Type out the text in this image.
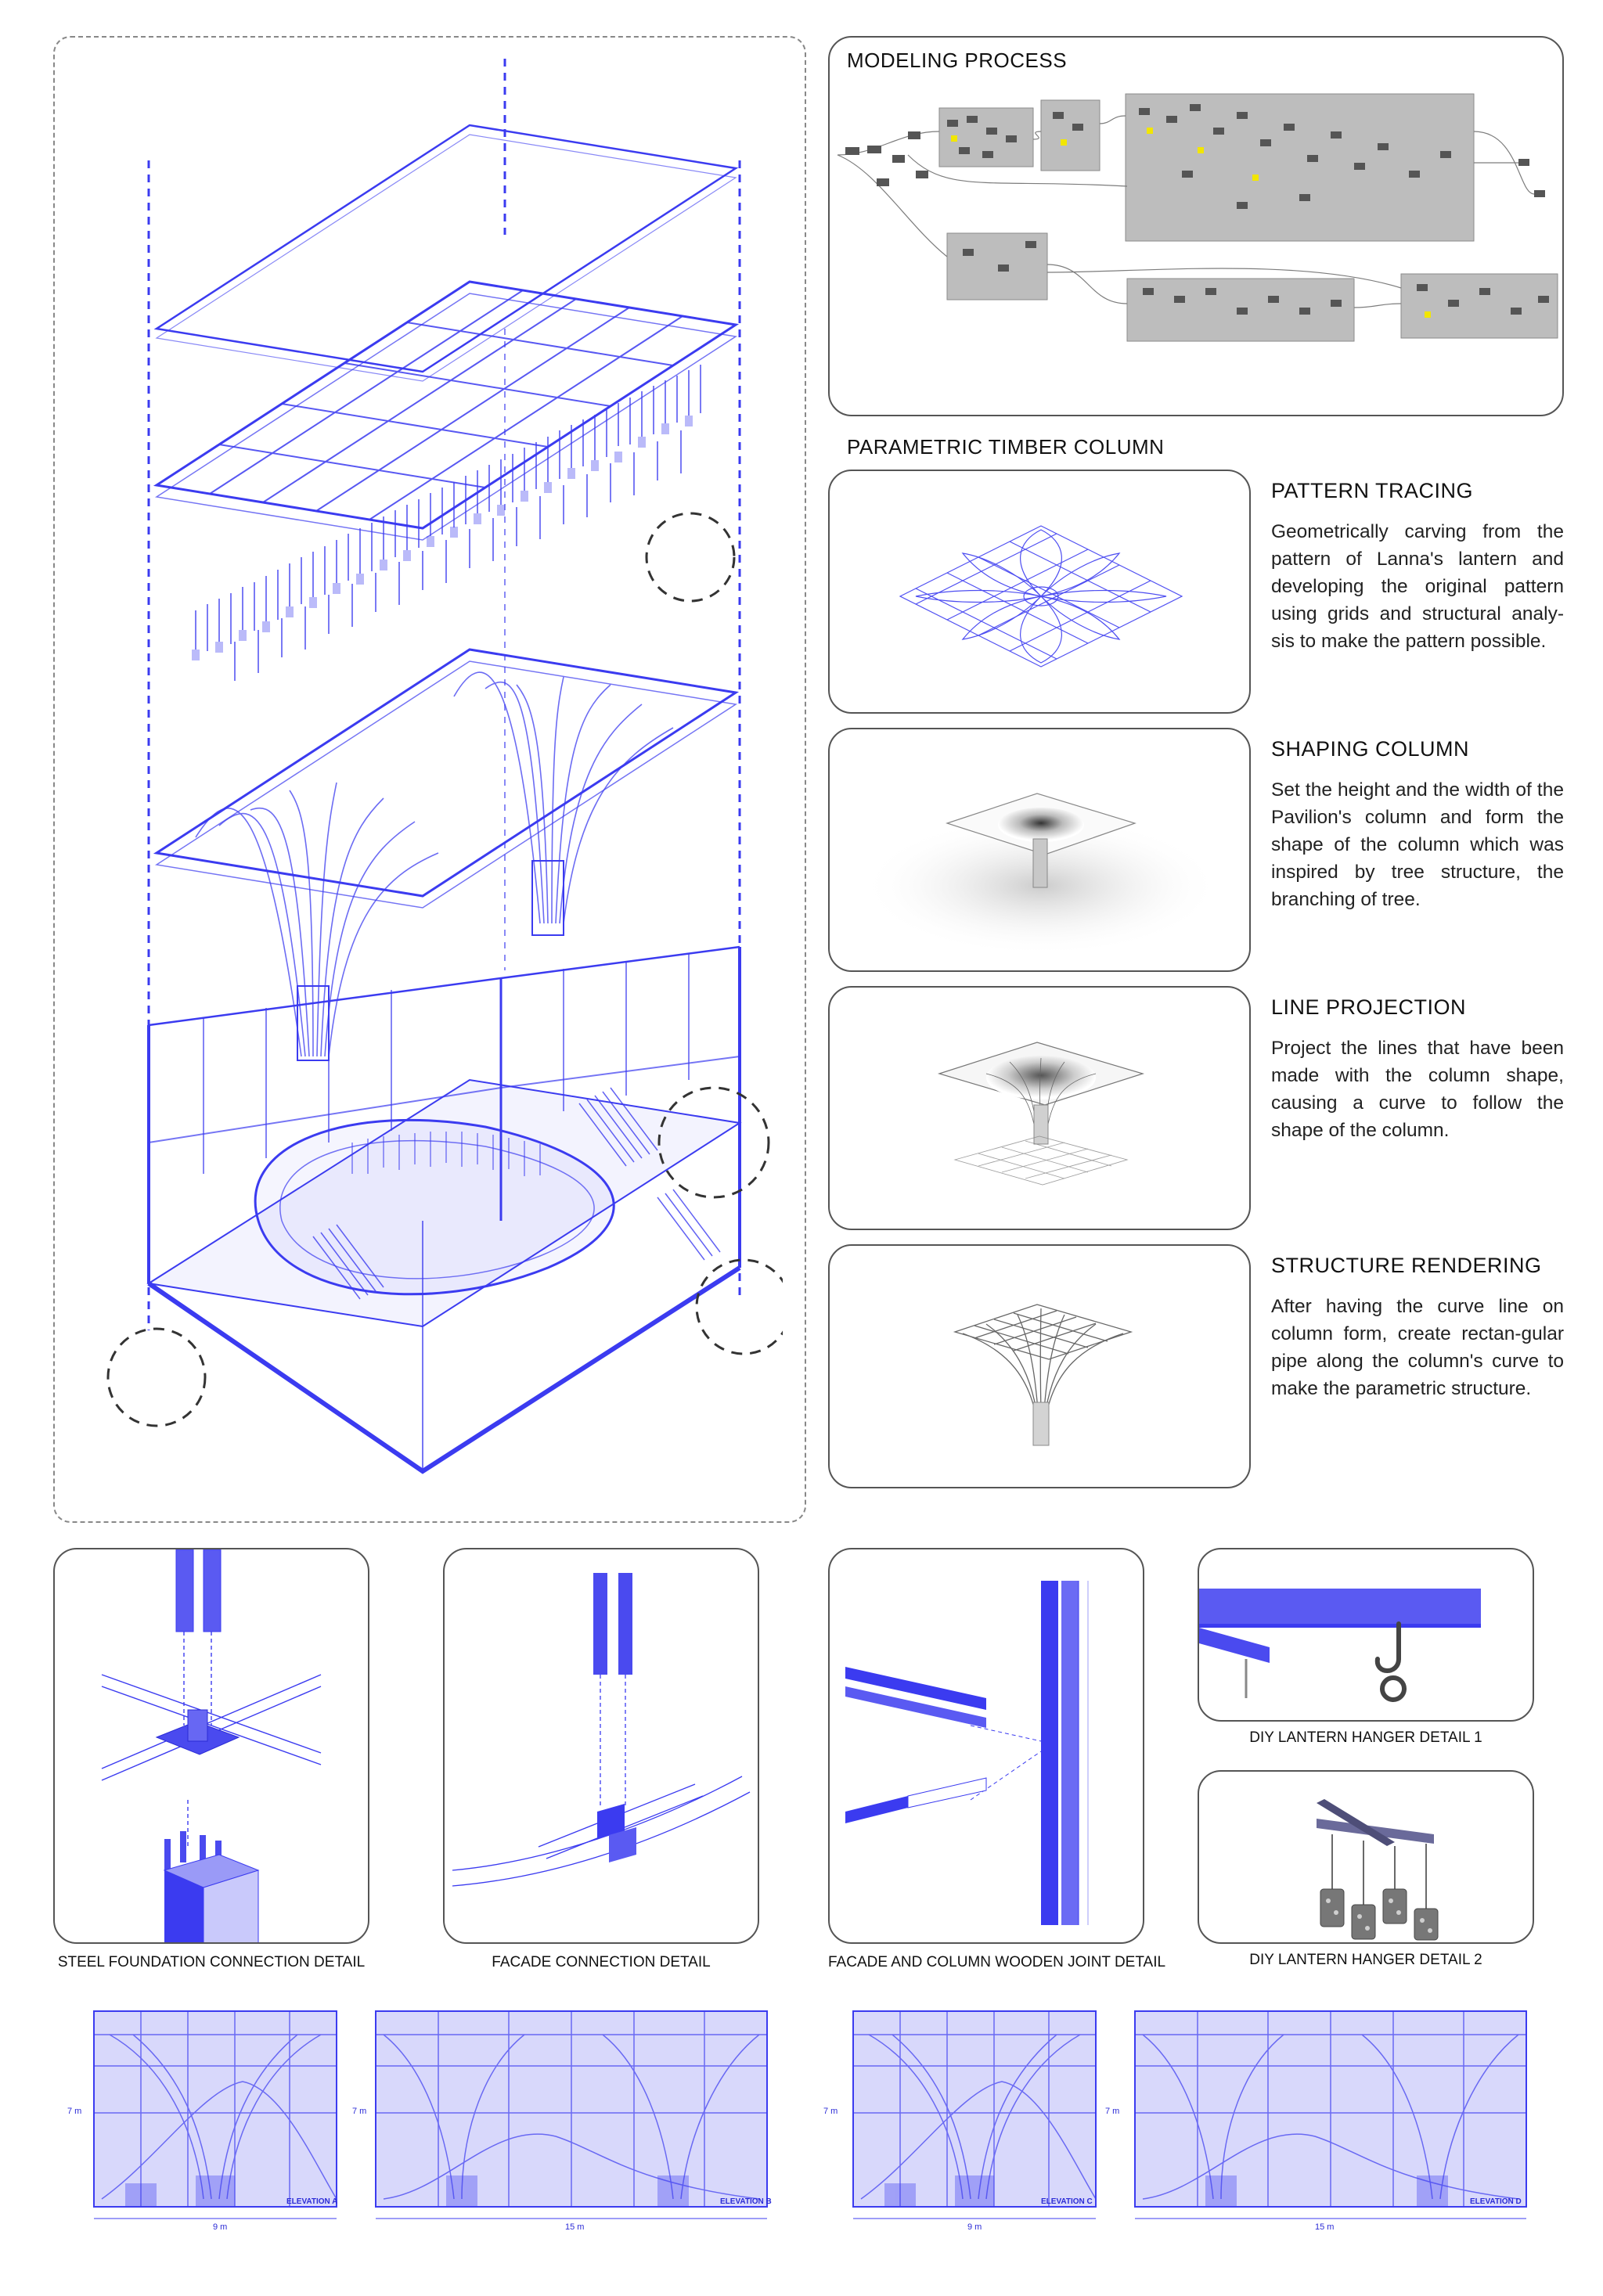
MODELING PROCESS
PARAMETRIC TIMBER COLUMN
PATTERN TRACING
Geometrically carving from the pattern of Lanna's lantern and developing the original pattern using grids and structural analy-sis to make the pattern possible.
SHAPING COLUMN
Set the height and the width of the Pavilion's column and form the shape of the column which was inspired by tree structure, the branching of tree.
LINE PROJECTION
Project the lines that have been made with the column shape, causing a curve to follow the shape of the column.
STRUCTURE RENDERING
After having the curve line on column form, create rectan-gular pipe along the column's curve to make the parametric structure.
STEEL FOUNDATION CONNECTION DETAIL	FACADE CONNECTION DETAIL	FACADE AND COLUMN WOODEN JOINT DETAIL
DIY LANTERN HANGER DETAIL 1
DIY LANTERN HANGER DETAIL 2
ELEVATION A
9 m
7 m
ELEVATION B
15 m
7 m
ELEVATION C
9 m
7 m
ELEVATION D
15 m
7 m
